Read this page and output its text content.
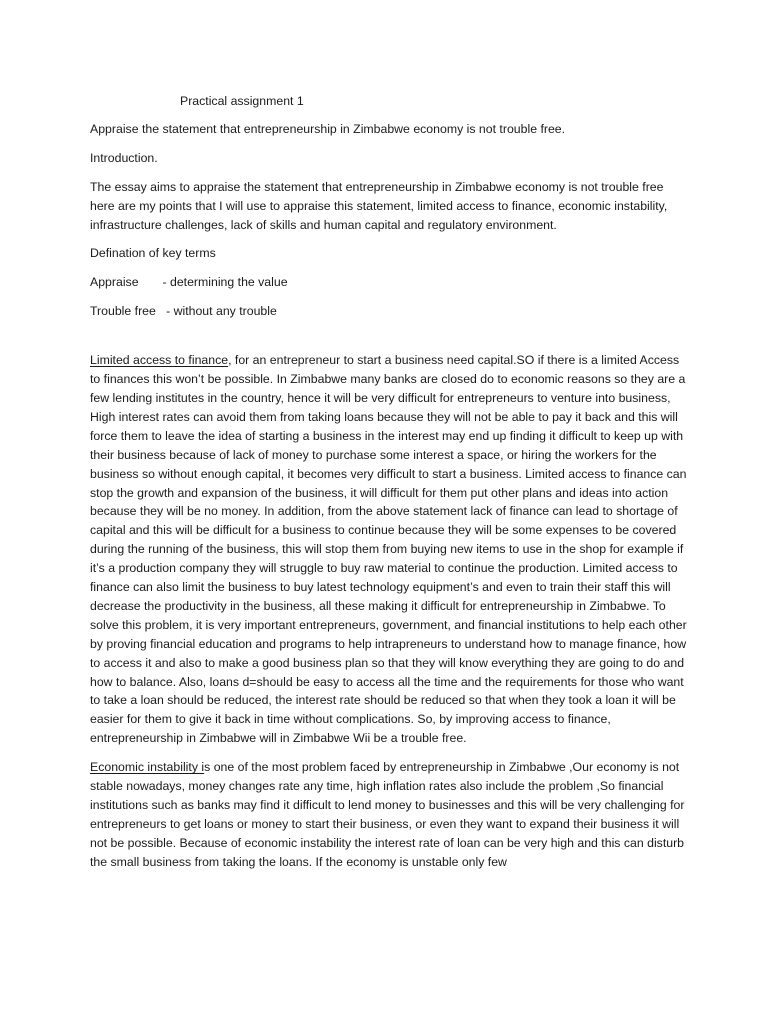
Practical assignment 1

Appraise the statement that entrepreneurship in Zimbabwe economy is not trouble free.

Introduction.

The essay aims to appraise the statement that entrepreneurship in Zimbabwe economy is not trouble free here are my points that I will use to appraise this statement, limited access to finance, economic instability, infrastructure challenges, lack of skills and human capital and regulatory environment.

Defination of key terms

Appraise - determining the value
Trouble free - without any trouble

Limited access to finance, for an entrepreneur to start a business need capital.SO if there is a limited Access to finances this won’t be possible. In Zimbabwe many banks are closed do to economic reasons so they are a few lending institutes in the country, hence it will be very difficult for entrepreneurs to venture into business, High interest rates can avoid them from taking loans because they will not be able to pay it back and this will force them to leave the idea of starting a business in the interest may end up finding it difficult to keep up with their business because of lack of money to purchase some interest a space, or hiring the workers for the business so without enough capital, it becomes very difficult to start a business. Limited access to finance can stop the growth and expansion of the business, it will difficult for them put other plans and ideas into action because they will be no money. In addition, from the above statement lack of finance can lead to shortage of capital and this will be difficult for a business to continue because they will be some expenses to be covered during the running of the business, this will stop them from buying new items to use in the shop for example if it’s a production company they will struggle to buy raw material to continue the production. Limited access to finance can also limit the business to buy latest technology equipment’s and even to train their staff this will decrease the productivity in the business, all these making it difficult for entrepreneurship in Zimbabwe. To solve this problem, it is very important entrepreneurs, government, and financial institutions to help each other by proving financial education and programs to help intrapreneurs to understand how to manage finance, how to access it and also to make a good business plan so that they will know everything they are going to do and how to balance. Also, loans d=should be easy to access all the time and the requirements for those who want to take a loan should be reduced, the interest rate should be reduced so that when they took a loan it will be easier for them to give it back in time without complications. So, by improving access to finance, entrepreneurship in Zimbabwe will in Zimbabwe Wii be a trouble free.

Economic instability is one of the most problem faced by entrepreneurship in Zimbabwe ,Our economy is not stable nowadays, money changes rate any time, high inflation rates also include the problem ,So financial institutions such as banks may find it difficult to lend money to businesses and this will be very challenging for entrepreneurs to get loans or money to start their business, or even they want to expand their business it will not be possible. Because of economic instability the interest rate of loan can be very high and this can disturb the small business from taking the loans. If the economy is unstable only few
